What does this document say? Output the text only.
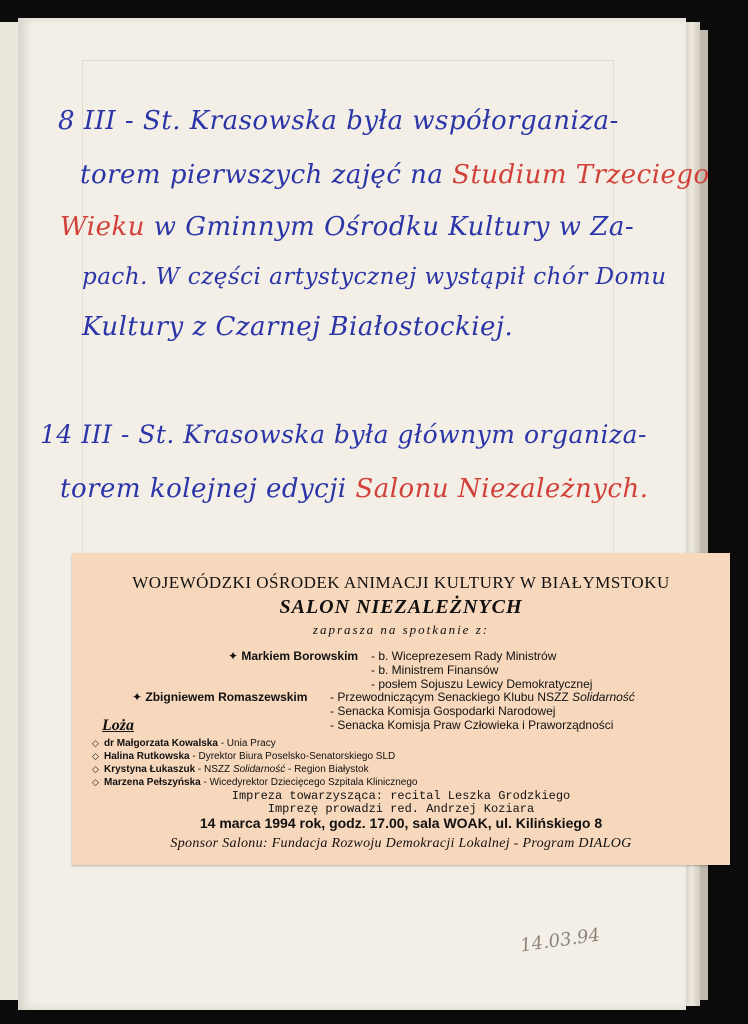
8 III - St. Krasowska była współorganiza-
torem pierwszych zajęć na Studium Trzeciego
Wieku w Gminnym Ośrodku Kultury w Za-
pach. W części artystycznej wystąpił chór Domu
Kultury z Czarnej Białostockiej.
14 III - St. Krasowska była głównym organiza-
torem kolejnej edycji Salonu Niezależnych.
WOJEWÓDZKI OŚRODEK ANIMACJI KULTURY W BIAŁYMSTOKU
SALON NIEZALEŻNYCH
zaprasza na spotkanie z:
✦ Markiem Borowskim - b. Wiceprezesem Rady Ministrów
- b. Ministrem Finansów
- posłem Sojuszu Lewicy Demokratycznej
✦ Zbigniewem Romaszewskim - Przewodniczącym Senackiego Klubu NSZZ Solidarność
- Senacka Komisja Gospodarki Narodowej
- Senacka Komisja Praw Człowieka i Praworządności
Loża
◇ dr Małgorzata Kowalska - Unia Pracy
◇ Halina Rutkowska - Dyrektor Biura Poselsko-Senatorskiego SLD
◇ Krystyna Łukaszuk - NSZZ Solidarność - Region Białystok
◇ Marzena Pełszyńska - Wicedyrektor Dziecięcego Szpitala Klinicznego
Impreza towarzysząca: recital Leszka Grodzkiego
Imprezę prowadzi red. Andrzej Koziara
14 marca 1994 rok, godz. 17.00, sala WOAK, ul. Kilińskiego 8
Sponsor Salonu: Fundacja Rozwoju Demokracji Lokalnej - Program DIALOG
14.03.94
